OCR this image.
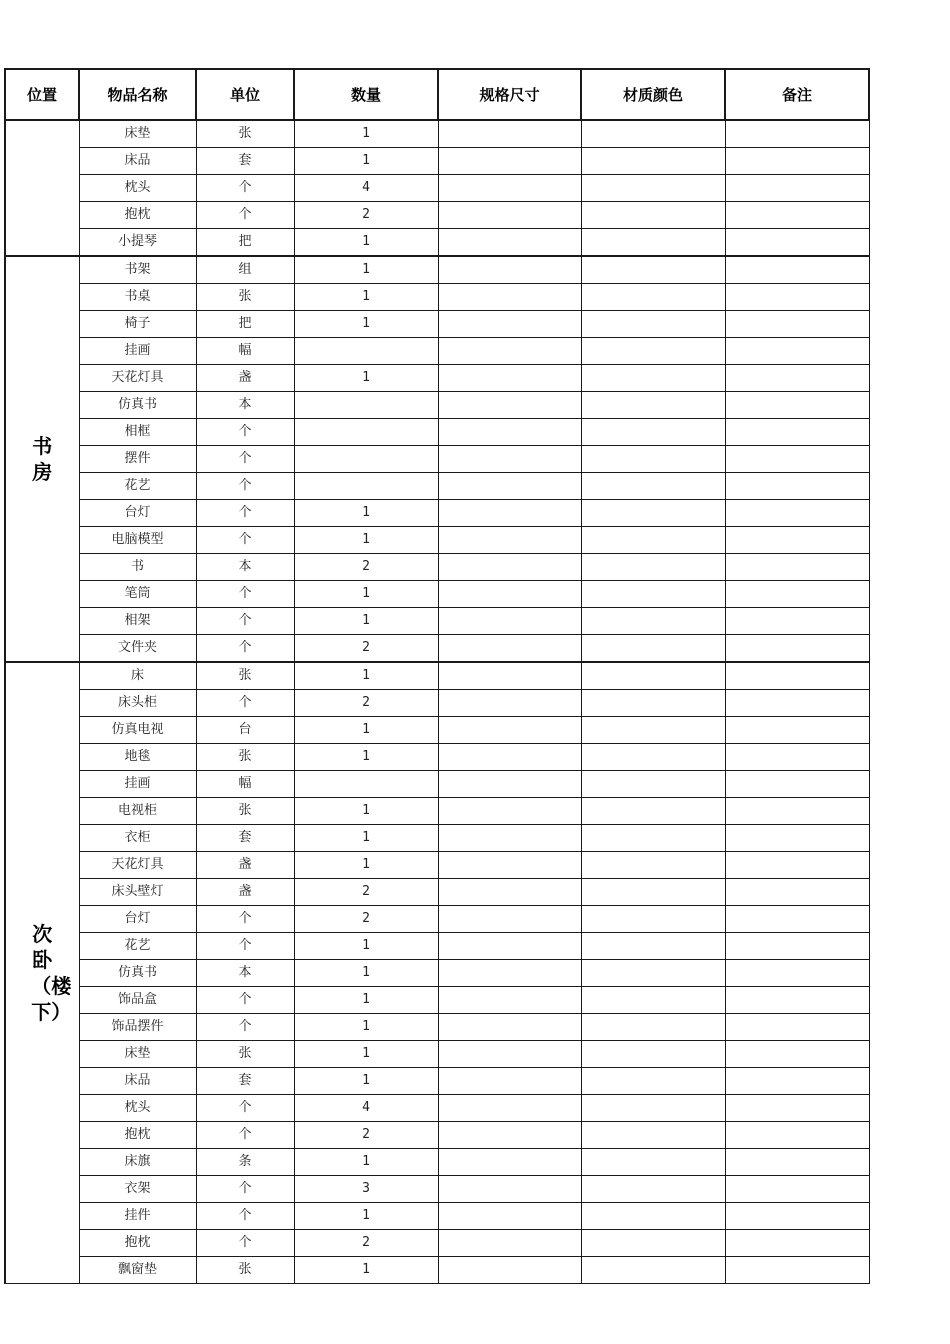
位置	物品名称	单位	数量	规格尺寸	材质颜色	备注

	床垫	张	1			
	床品	套	1			
	枕头	个	4			
	抱枕	个	2			
	小提琴	把	1			

书房	书架	组	1			
	书桌	张	1			
	椅子	把	1			
	挂画	幅				
	天花灯具	盏	1			
	仿真书	本				
	相框	个				
	摆件	个				
	花艺	个				
	台灯	个	1			
	电脑模型	个	1			
	书	本	2			
	笔筒	个	1			
	相架	个	1			
	文件夹	个	2			

次卧（楼下）	床	张	1			
	床头柜	个	2			
	仿真电视	台	1			
	地毯	张	1			
	挂画	幅				
	电视柜	张	1			
	衣柜	套	1			
	天花灯具	盏	1			
	床头壁灯	盏	2			
	台灯	个	2			
	花艺	个	1			
	仿真书	本	1			
	饰品盒	个	1			
	饰品摆件	个	1			
	床垫	张	1			
	床品	套	1			
	枕头	个	4			
	抱枕	个	2			
	床旗	条	1			
	衣架	个	3			
	挂件	个	1			
	抱枕	个	2			
	飘窗垫	张	1			
